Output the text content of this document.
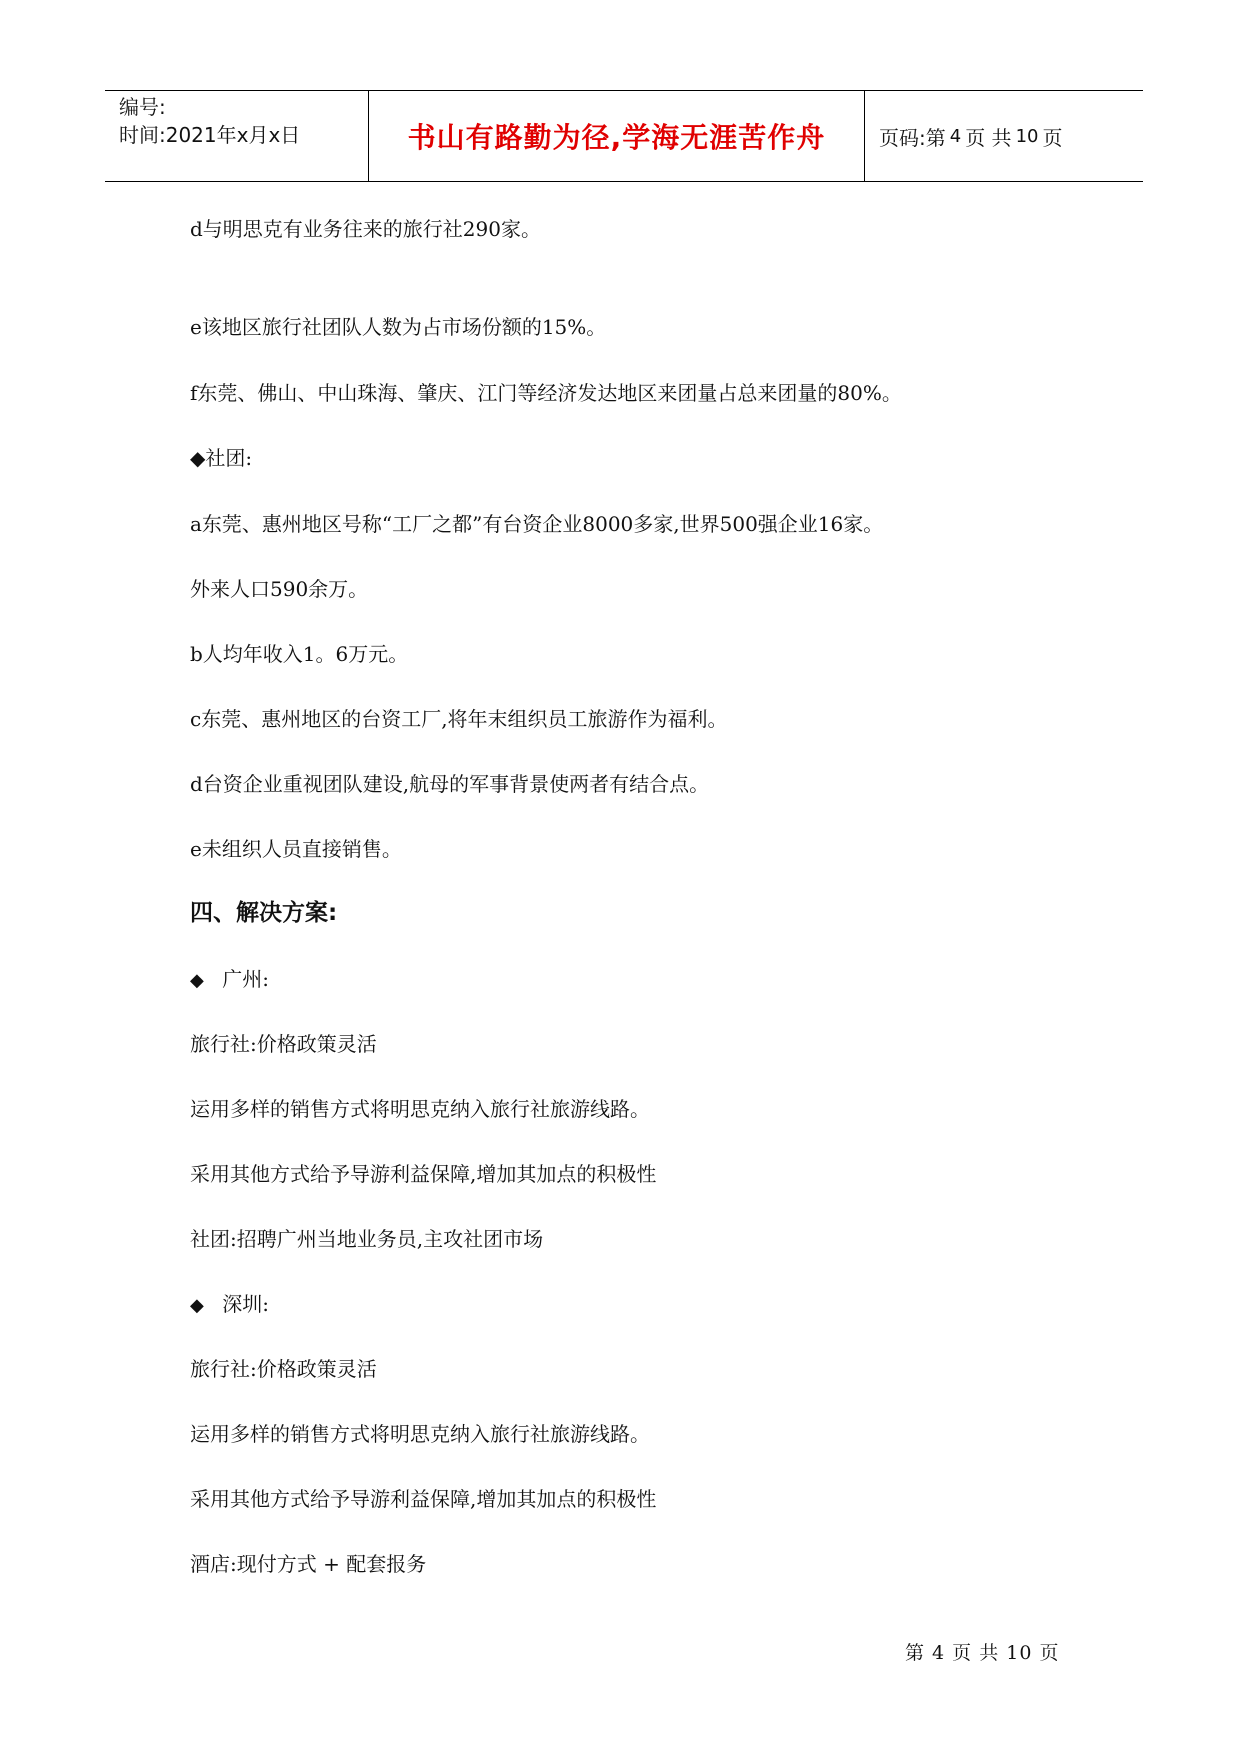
编号:
时间:2021年x月x日	书山有路勤为径,学海无涯苦作舟	页码:第 4 页 共 10 页
d与明思克有业务往来的旅行社290家。
e该地区旅行社团队人数为占市场份额的15%。
f东莞、佛山、中山珠海、肇庆、江门等经济发达地区来团量占总来团量的80%。
◆社团:
a东莞、惠州地区号称“工厂之都”有台资企业8000多家,世界500强企业16家。
外来人口590余万。
b人均年收入1。6万元。
c东莞、惠州地区的台资工厂,将年末组织员工旅游作为福利。
d台资企业重视团队建设,航母的军事背景使两者有结合点。
e未组织人员直接销售。
四、解决方案:
◆ 广州:
旅行社:价格政策灵活
运用多样的销售方式将明思克纳入旅行社旅游线路。
采用其他方式给予导游利益保障,增加其加点的积极性
社团:招聘广州当地业务员,主攻社团市场
◆ 深圳:
旅行社:价格政策灵活
运用多样的销售方式将明思克纳入旅行社旅游线路。
采用其他方式给予导游利益保障,增加其加点的积极性
酒店:现付方式 + 配套报务
第 4 页 共 10 页
